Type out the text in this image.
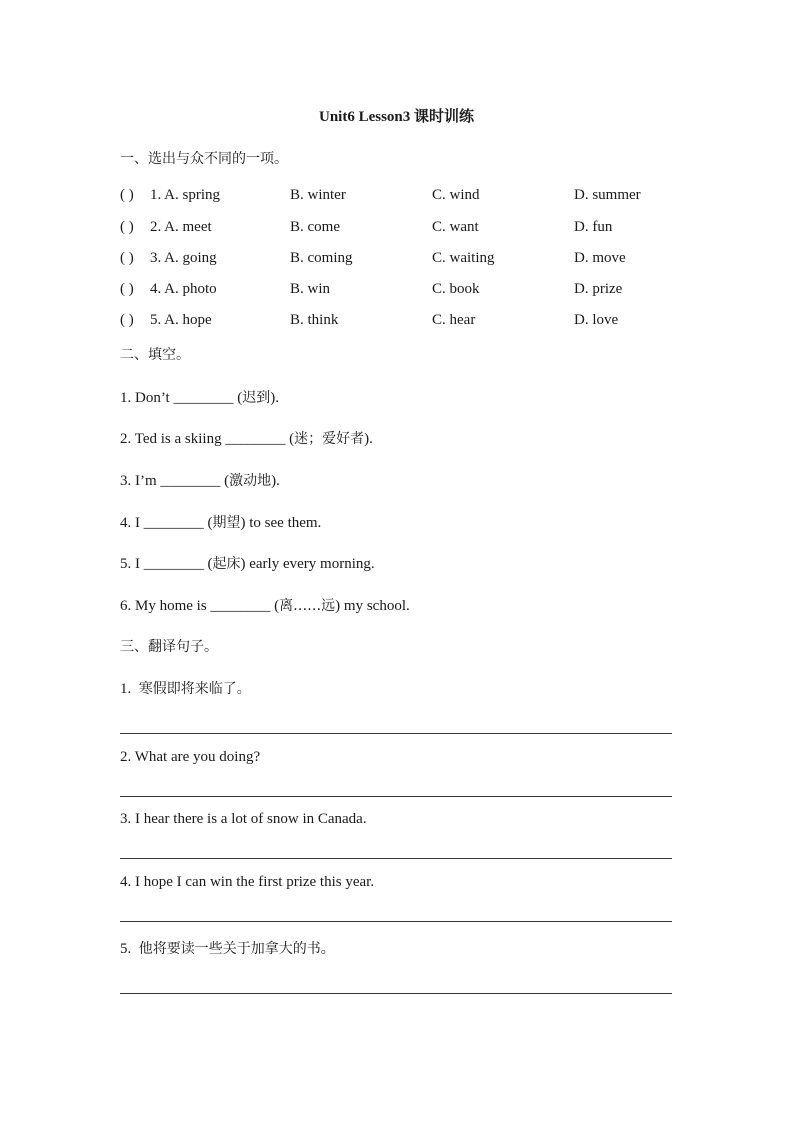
Unit6 Lesson3 课时训练
一、选出与众不同的一项。
( ) 1. A. spring	B. winter	C. wind	D. summer
( ) 2. A. meet	B. come	C. want	D. fun
( ) 3. A. going	B. coming	C. waiting	D. move
( ) 4. A. photo	B. win	C. book	D. prize
( ) 5. A. hope	B. think	C. hear	D. love
二、填空。
1. Don’t ________ (迟到).
2. Ted is a skiing ________ (迷；爱好者).
3. I’m ________ (激动地).
4. I ________ (期望) to see them.
5. I ________ (起床) early every morning.
6. My home is ________ (离……远) my school.
三、翻译句子。
1. 寒假即将来临了。
2. What are you doing?
3. I hear there is a lot of snow in Canada.
4. I hope I can win the first prize this year.
5. 他将要读一些关于加拿大的书。
